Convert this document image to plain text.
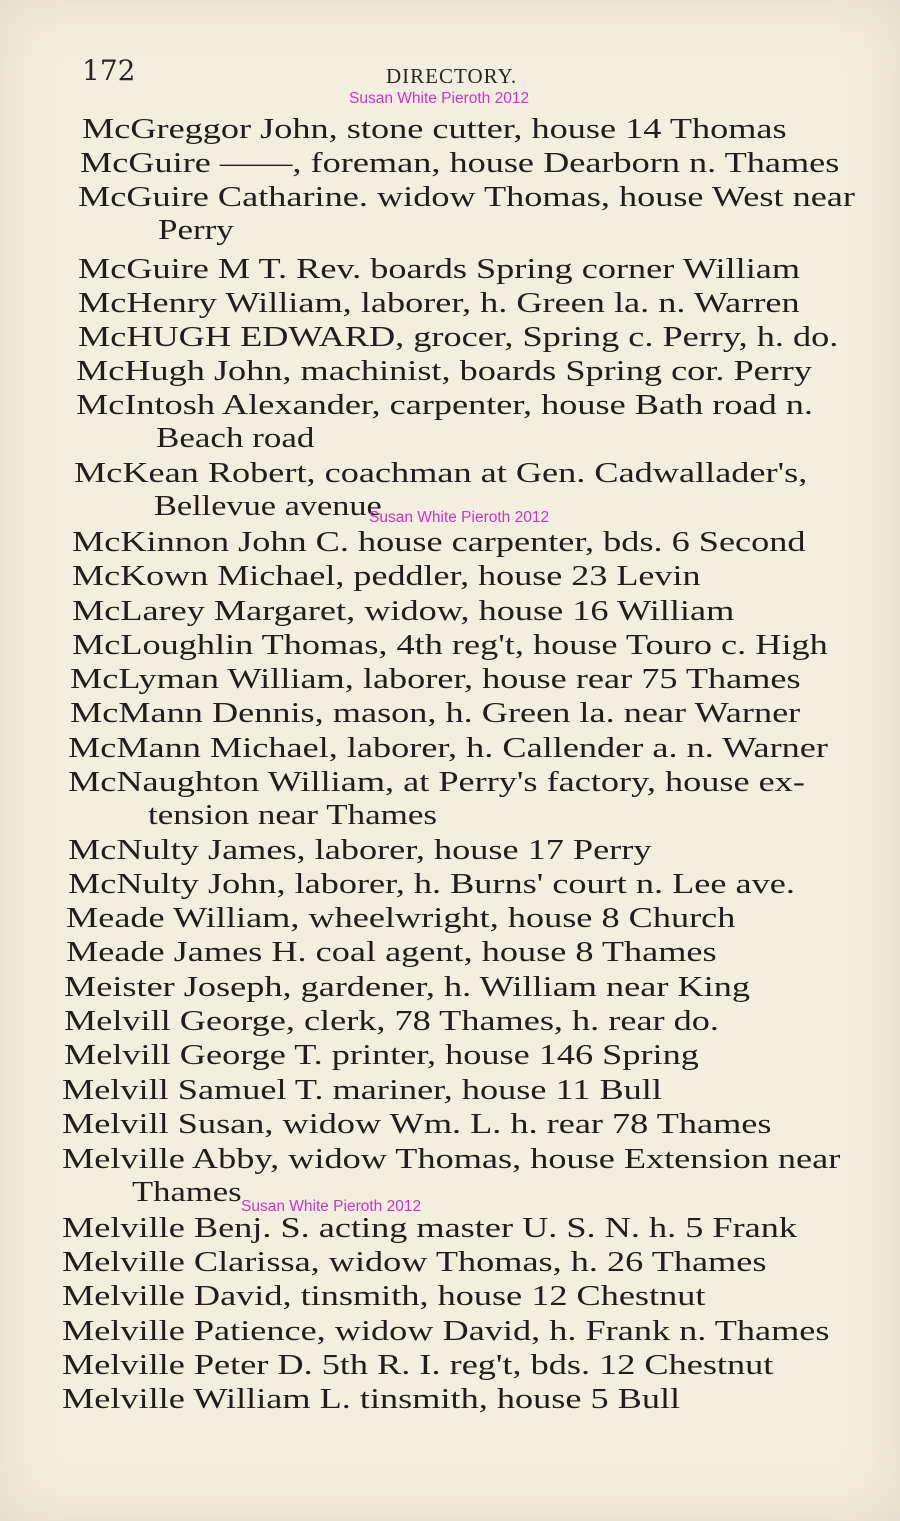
172	DIRECTORY.
Susan White Pieroth 2012
McGreggor John, stone cutter, house 14 Thomas
McGuire ——, foreman, house Dearborn n. Thames
McGuire Catharine. widow Thomas, house West near
Perry
McGuire M T. Rev. boards Spring corner William
McHenry William, laborer, h. Green la. n. Warren
McHUGH EDWARD, grocer, Spring c. Perry, h. do.
McHugh John, machinist, boards Spring cor. Perry
McIntosh Alexander, carpenter, house Bath road n.
Beach road
McKean Robert, coachman at Gen. Cadwallader's,
Bellevue avenue
McKinnon John C. house carpenter, bds. 6 Second
McKown Michael, peddler, house 23 Levin
McLarey Margaret, widow, house 16 William
McLoughlin Thomas, 4th reg't, house Touro c. High
McLyman William, laborer, house rear 75 Thames
McMann Dennis, mason, h. Green la. near Warner
McMann Michael, laborer, h. Callender a. n. Warner
McNaughton William, at Perry's factory, house ex-
tension near Thames
McNulty James, laborer, house 17 Perry
McNulty John, laborer, h. Burns' court n. Lee ave.
Meade William, wheelwright, house 8 Church
Meade James H. coal agent, house 8 Thames
Meister Joseph, gardener, h. William near King
Melvill George, clerk, 78 Thames, h. rear do.
Melvill George T. printer, house 146 Spring
Melvill Samuel T. mariner, house 11 Bull
Melvill Susan, widow Wm. L. h. rear 78 Thames
Melville Abby, widow Thomas, house Extension near
Thames
Melville Benj. S. acting master U. S. N. h. 5 Frank
Melville Clarissa, widow Thomas, h. 26 Thames
Melville David, tinsmith, house 12 Chestnut
Melville Patience, widow David, h. Frank n. Thames
Melville Peter D. 5th R. I. reg't, bds. 12 Chestnut
Melville William L. tinsmith, house 5 Bull
Susan White Pieroth 2012
Susan White Pieroth 2012
